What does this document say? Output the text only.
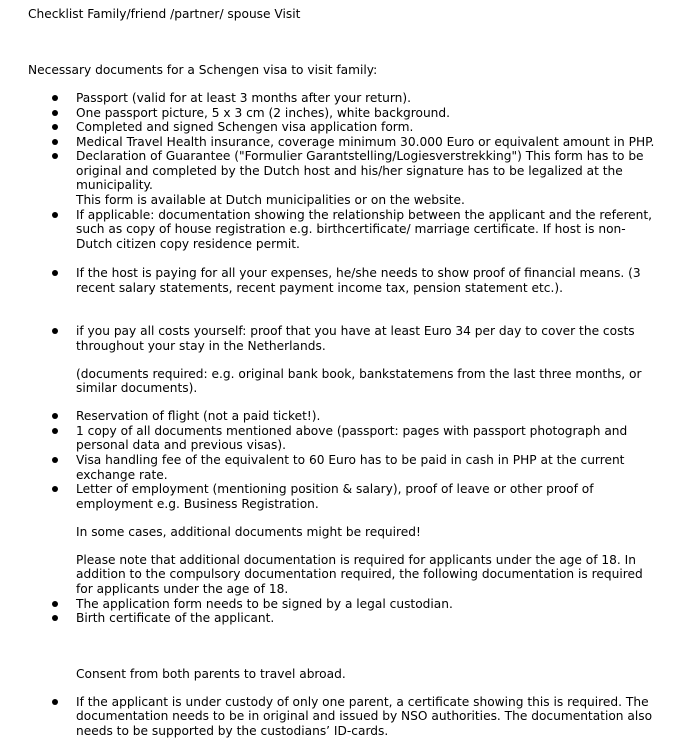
Checklist Family/friend /partner/ spouse Visit
Necessary documents for a Schengen visa to visit family:
Passport (valid for at least 3 months after your return).
One passport picture, 5 x 3 cm (2 inches), white background.
Completed and signed Schengen visa application form.
Medical Travel Health insurance, coverage minimum 30.000 Euro or equivalent amount in PHP.
Declaration of Guarantee ("Formulier Garantstelling/Logiesverstrekking") This form has to be
original and completed by the Dutch host and his/her signature has to be legalized at the
municipality.
This form is available at Dutch municipalities or on the website.
If applicable: documentation showing the relationship between the applicant and the referent,
such as copy of house registration e.g. birthcertificate/ marriage certificate. If host is non-
Dutch citizen copy residence permit.
If the host is paying for all your expenses, he/she needs to show proof of financial means. (3
recent salary statements, recent payment income tax, pension statement etc.).
if you pay all costs yourself: proof that you have at least Euro 34 per day to cover the costs
throughout your stay in the Netherlands.
(documents required: e.g. original bank book, bankstatemens from the last three months, or
similar documents).
Reservation of flight (not a paid ticket!).
1 copy of all documents mentioned above (passport: pages with passport photograph and
personal data and previous visas).
Visa handling fee of the equivalent to 60 Euro has to be paid in cash in PHP at the current
exchange rate.
Letter of employment (mentioning position & salary), proof of leave or other proof of
employment e.g. Business Registration.
In some cases, additional documents might be required!
Please note that additional documentation is required for applicants under the age of 18. In
addition to the compulsory documentation required, the following documentation is required
for applicants under the age of 18.
The application form needs to be signed by a legal custodian.
Birth certificate of the applicant.
Consent from both parents to travel abroad.
If the applicant is under custody of only one parent, a certificate showing this is required. The
documentation needs to be in original and issued by NSO authorities. The documentation also
needs to be supported by the custodians’ ID-cards.
